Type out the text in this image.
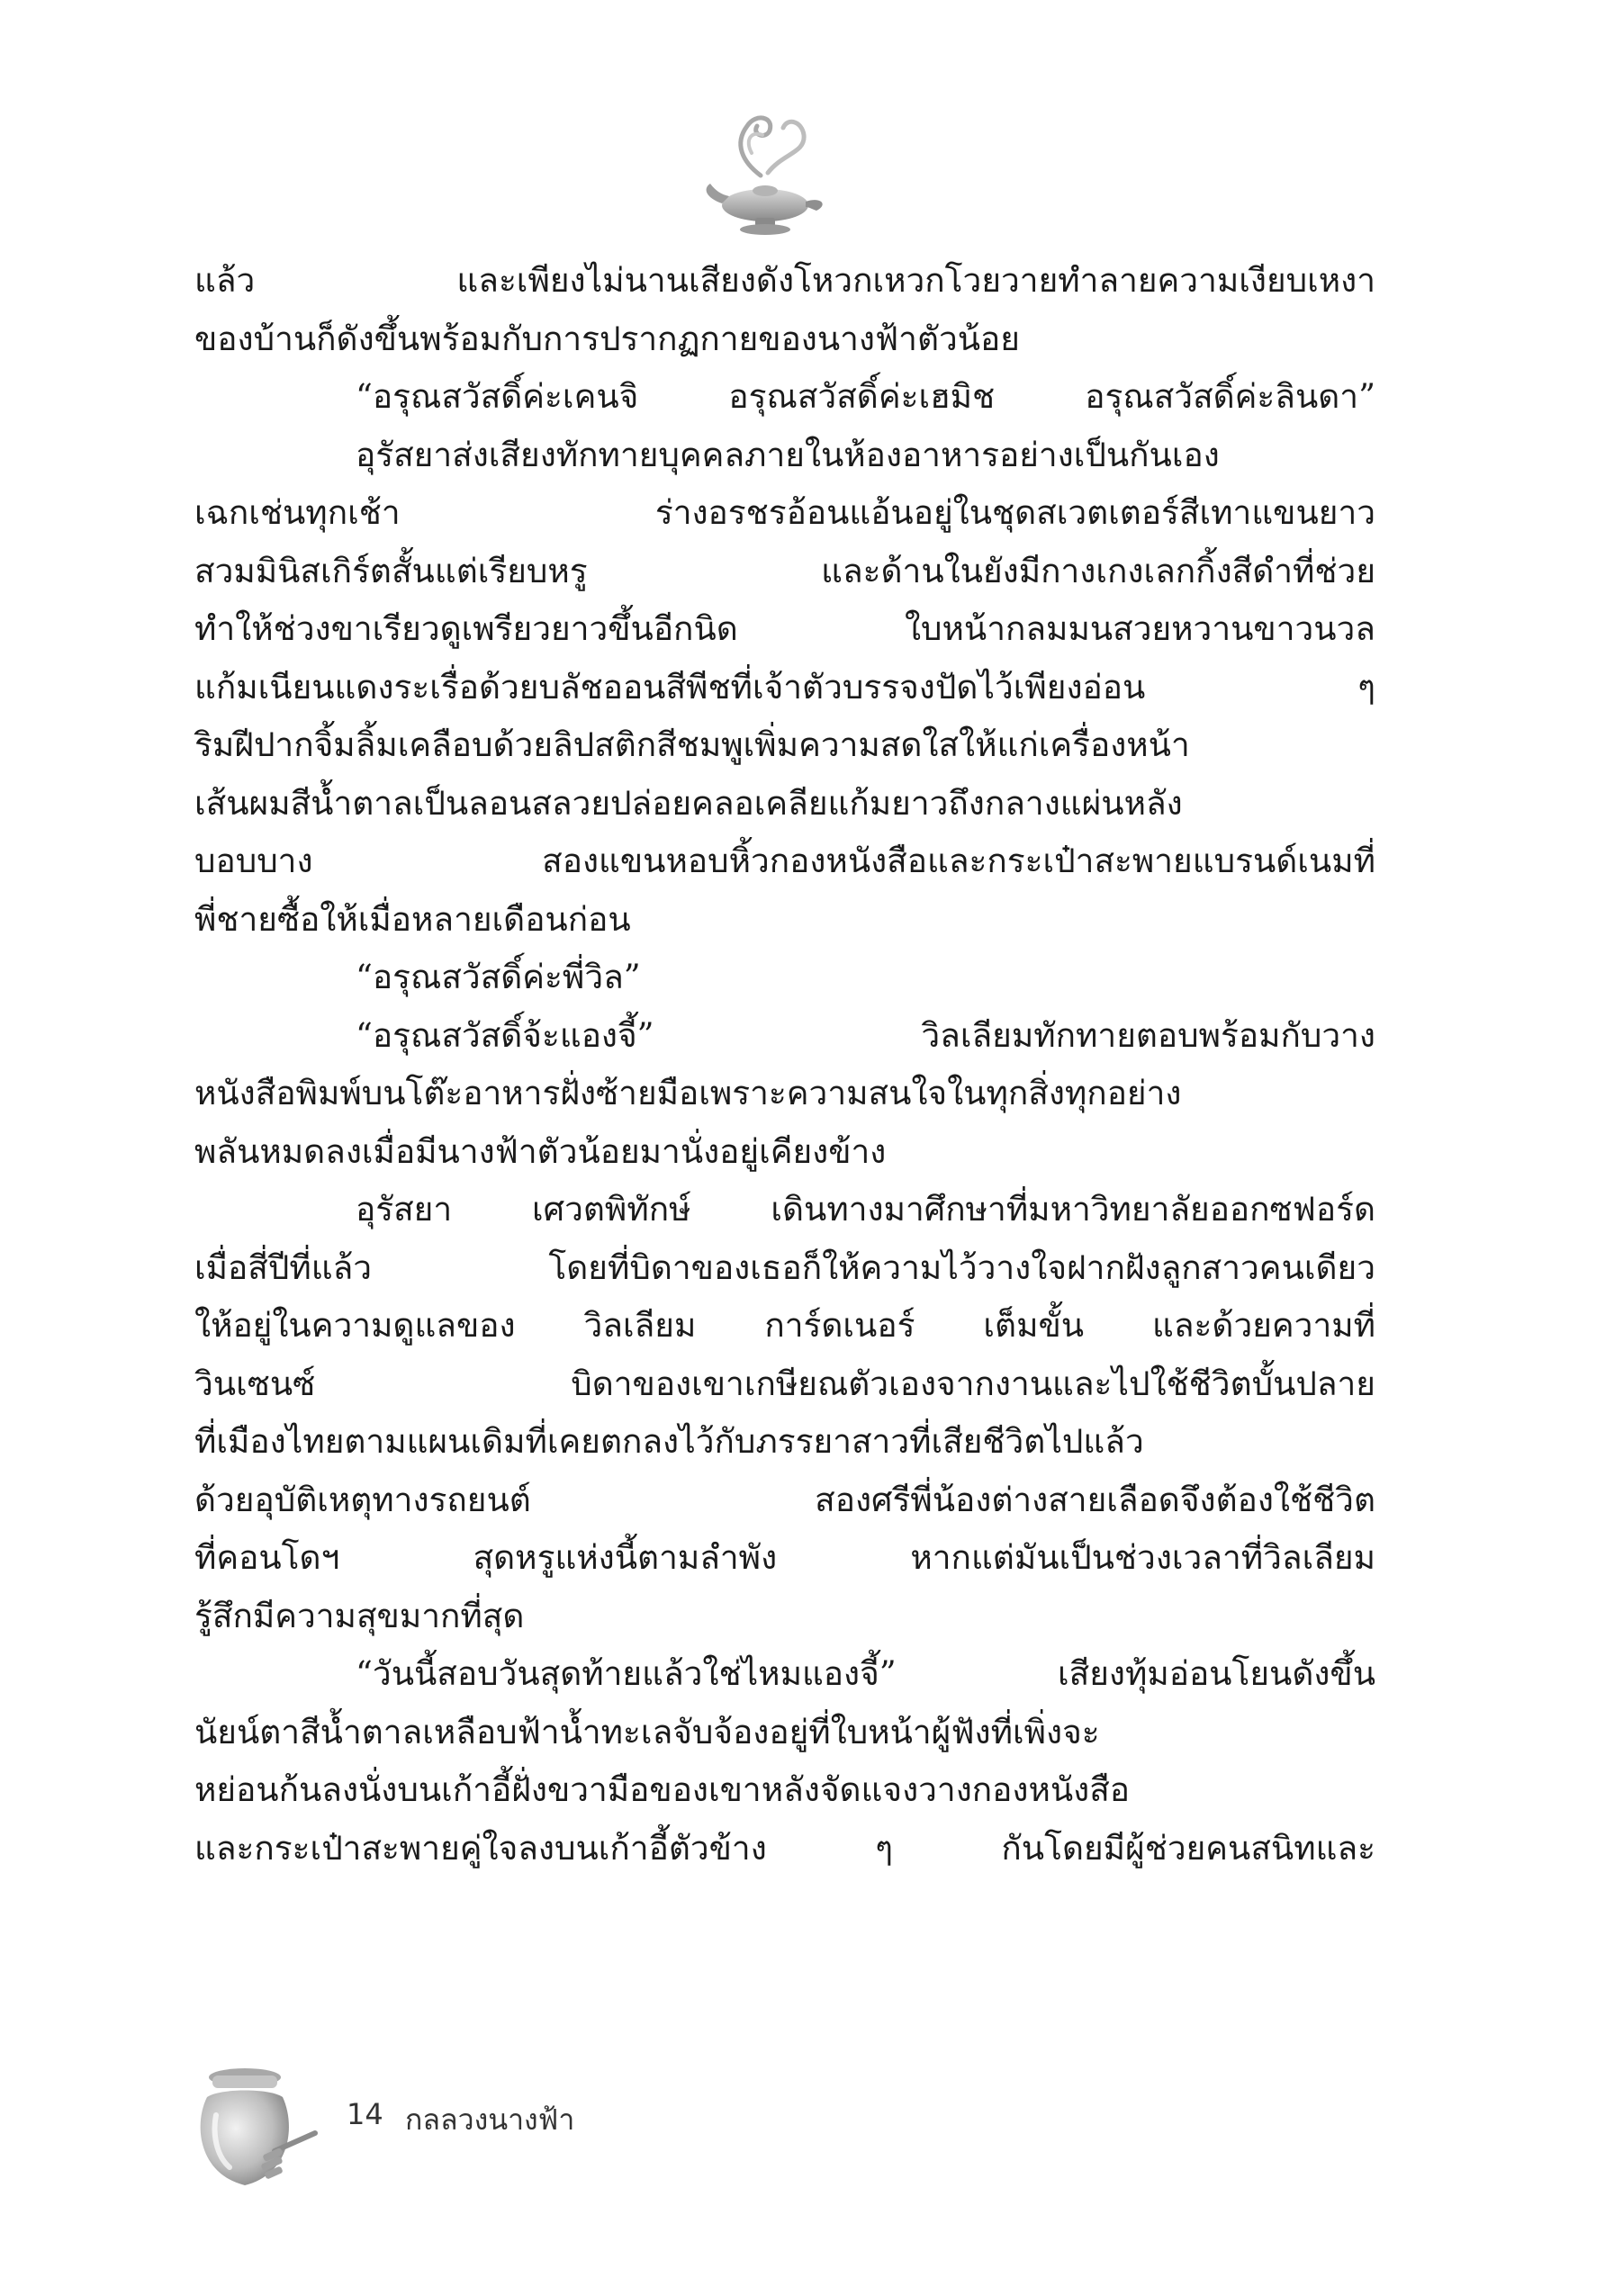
แล้ว และเพียงไม่นานเสียงดังโหวกเหวกโวยวายทำลายความเงียบเหงา
ของบ้านก็ดังขึ้นพร้อมกับการปรากฏกายของนางฟ้าตัวน้อย
“อรุณสวัสดิ์ค่ะเคนจิ อรุณสวัสดิ์ค่ะเฮมิช อรุณสวัสดิ์ค่ะลินดา”
อุรัสยาส่งเสียงทักทายบุคคลภายในห้องอาหารอย่างเป็นกันเอง
เฉกเช่นทุกเช้า ร่างอรชรอ้อนแอ้นอยู่ในชุดสเวตเตอร์สีเทาแขนยาว
สวมมินิสเกิร์ตสั้นแต่เรียบหรู และด้านในยังมีกางเกงเลกกิ้งสีดำที่ช่วย
ทำให้ช่วงขาเรียวดูเพรียวยาวขึ้นอีกนิด ใบหน้ากลมมนสวยหวานขาวนวล
แก้มเนียนแดงระเรื่อด้วยบลัชออนสีพีชที่เจ้าตัวบรรจงปัดไว้เพียงอ่อน ๆ
ริมฝีปากจิ้มลิ้มเคลือบด้วยลิปสติกสีชมพูเพิ่มความสดใสให้แก่เครื่องหน้า
เส้นผมสีน้ำตาลเป็นลอนสลวยปล่อยคลอเคลียแก้มยาวถึงกลางแผ่นหลัง
บอบบาง สองแขนหอบหิ้วกองหนังสือและกระเป๋าสะพายแบรนด์เนมที่
พี่ชายซื้อให้เมื่อหลายเดือนก่อน
“อรุณสวัสดิ์ค่ะพี่วิล”
“อรุณสวัสดิ์จ้ะแองจี้” วิลเลียมทักทายตอบพร้อมกับวาง
หนังสือพิมพ์บนโต๊ะอาหารฝั่งซ้ายมือเพราะความสนใจในทุกสิ่งทุกอย่าง
พลันหมดลงเมื่อมีนางฟ้าตัวน้อยมานั่งอยู่เคียงข้าง
อุรัสยา เศวตพิทักษ์ เดินทางมาศึกษาที่มหาวิทยาลัยออกซฟอร์ด
เมื่อสี่ปีที่แล้ว โดยที่บิดาของเธอก็ให้ความไว้วางใจฝากฝังลูกสาวคนเดียว
ให้อยู่ในความดูแลของ วิลเลียม การ์ดเนอร์ เต็มขั้น และด้วยความที่
วินเซนซ์ บิดาของเขาเกษียณตัวเองจากงานและไปใช้ชีวิตบั้นปลาย
ที่เมืองไทยตามแผนเดิมที่เคยตกลงไว้กับภรรยาสาวที่เสียชีวิตไปแล้ว
ด้วยอุบัติเหตุทางรถยนต์ สองศรีพี่น้องต่างสายเลือดจึงต้องใช้ชีวิต
ที่คอนโดฯ สุดหรูแห่งนี้ตามลำพัง หากแต่มันเป็นช่วงเวลาที่วิลเลียม
รู้สึกมีความสุขมากที่สุด
“วันนี้สอบวันสุดท้ายแล้วใช่ไหมแองจี้” เสียงทุ้มอ่อนโยนดังขึ้น
นัยน์ตาสีน้ำตาลเหลือบฟ้าน้ำทะเลจับจ้องอยู่ที่ใบหน้าผู้ฟังที่เพิ่งจะ
หย่อนก้นลงนั่งบนเก้าอี้ฝั่งขวามือของเขาหลังจัดแจงวางกองหนังสือ
และกระเป๋าสะพายคู่ใจลงบนเก้าอี้ตัวข้าง ๆ กันโดยมีผู้ช่วยคนสนิทและ
14 กลลวงนางฟ้า
